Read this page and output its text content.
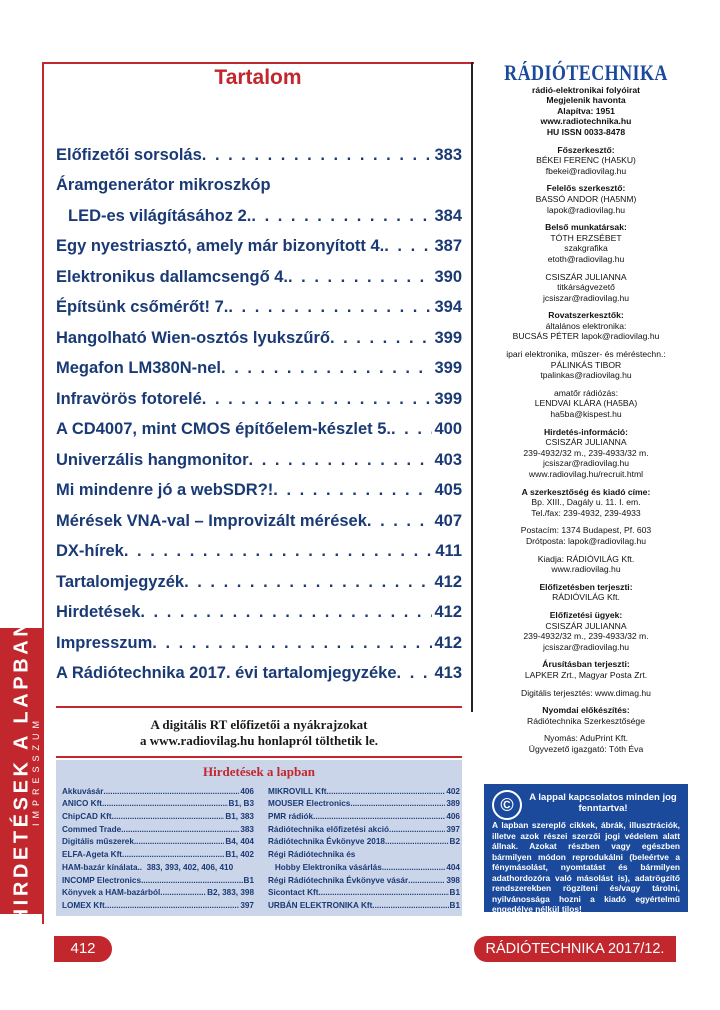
HIRDETÉSEK A LAPBAN
IMPRESSZUM
Tartalom
Előfizetői sorsolás . . .	383
Áramgenerátor mikroszkóp
LED-es világításához 2. . . .	384
Egy nyestriasztó, amely már bizonyított 4. . . .	387
Elektronikus dallamcsengő 4. . . .	390
Építsünk csőmérőt! 7. . . .	394
Hangolható Wien-osztós lyukszűrő . . .	399
Megafon LM380N-nel . . .	399
Infravörös fotorelé . . .	399
A CD4007, mint CMOS építőelem-készlet 5. . . .	400
Univerzális hangmonitor . . .	403
Mi mindenre jó a webSDR?! . . .	405
Mérések VNA-val – Improvizált mérések . . .	407
DX-hírek . . .	411
Tartalomjegyzék . . .	412
Hirdetések . . .	412
Impresszum . . .	412
A Rádiótechnika 2017. évi tartalomjegyzéke . . . 413
A digitális RT előfizetői a nyákrajzokat
a www.radiovilag.hu honlapról tölthetik le.
Hirdetések a lapban
Akkuvásár .....	406
ANICO Kft. .....	B1, B3
ChipCAD Kft. .....	B1, 383
Commed Trade .....	383
Digitális műszerek .....	B4, 404
ELFA-Ageta Kft. .....	B1, 402
HAM-bazár kínálata..  383, 393, 402, 406, 410
INCOMP Electronics .....	B1
Könyvek a HAM-bazárból .....	B2, 383, 398
LOMEX Kft. .....	397
MIKROVILL Kft. .....	402
MOUSER Electronics .....	389
PMR rádiók .....	406
Rádiótechnika előfizetési akció .....	397
Rádiótechnika Évkönyve 2018 .....	B2
Régi Rádiótechnika és
Hobby Elektronika vásárlás .....	404
Régi Rádiótechnika Évkönyve vásár .....	398
Sicontact Kft. .....	B1
URBÁN ELEKTRONIKA Kft. .....	B1
RÁDIÓTECHNIKA
rádió-elektronikai folyóirat
Megjelenik havonta
Alapítva: 1951
www.radiotechnika.hu
HU ISSN 0033-8478
Főszerkesztő:
BÉKEI FERENC (HA5KU)
fbekei@radiovilag.hu
Felelős szerkesztő:
BASSÓ ANDOR (HA5NM)
lapok@radiovilag.hu
Belső munkatársak:
TÓTH ERZSÉBET
szakgrafika
etoth@radiovilag.hu
CSISZÁR JULIANNA
titkárságvezető
jcsiszar@radiovilag.hu
Rovatszerkesztők:
általános elektronika:
BUCSÁS PÉTER lapok@radiovilag.hu
ipari elektronika, műszer- és méréstechn.:
PÁLINKÁS TIBOR
tpalinkas@radiovilag.hu
amatőr rádiózás:
LENDVAI KLÁRA (HA5BA)
ha5ba@kispest.hu
Hirdetés-információ:
CSISZÁR JULIANNA
239-4932/32 m., 239-4933/32 m.
jcsiszar@radiovilag.hu
www.radiovilag.hu/recruit.html
A szerkesztőség és kiadó címe:
Bp. XIII., Dagály u. 11. I. em.
Tel./fax: 239-4932, 239-4933
Postacím: 1374 Budapest, Pf. 603
Drótposta: lapok@radiovilag.hu
Kiadja: RÁDIÓVILÁG Kft.
www.radiovilag.hu
Előfizetésben terjeszti:
RÁDIÓVILÁG Kft.
Előfizetési ügyek:
CSISZÁR JULIANNA
239-4932/32 m., 239-4933/32 m.
jcsiszar@radiovilag.hu
Árusításban terjeszti:
LAPKER Zrt., Magyar Posta Zrt.
Digitális terjesztés: www.dimag.hu
Nyomdai előkészítés:
Rádiótechnika Szerkesztősége
Nyomás: AduPrint Kft.
Ügyvezető igazgató: Tóth Éva
©	A lappal kapcsolatos minden jog fenntartva!
A lapban szereplő cikkek, ábrák, illusztrációk, illetve azok részei szerzői jogi védelem alatt állnak. Azokat részben vagy egészben bármilyen módon reprodukálni (beleértve a fénymásolást, nyomtatást és bármilyen adathordozóra való másolást is), adatrögzítő rendszerekben rögzíteni és/vagy tárolni, nyilvánossága hozni a kiadó egyértelmű engedélye nélkül tilos!
412	RÁDIÓTECHNIKA 2017/12.
